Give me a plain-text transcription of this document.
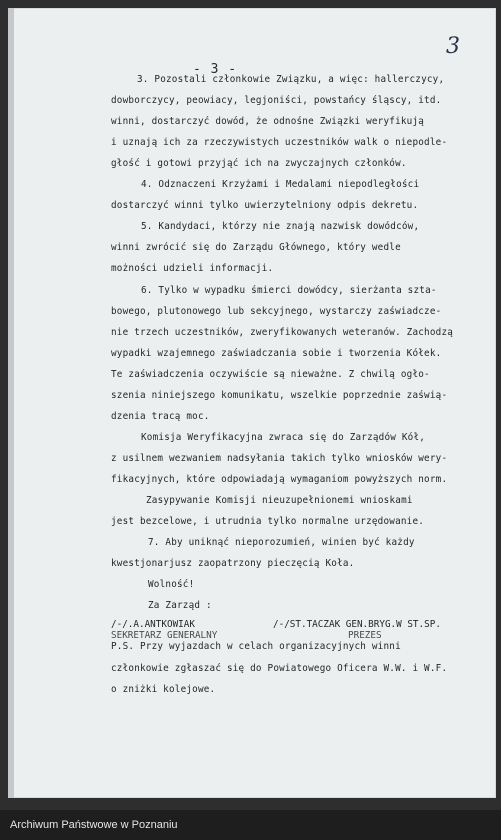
- 3 -
3
3. Pozostali członkowie Związku, a więc: hallerczycy,
dowborczycy, peowiacy, legjoniści, powstańcy śląscy, itd.
winni, dostarczyć dowód, że odnośne Związki weryfikują
i uznają ich za rzeczywistych uczestników walk o niepodle-
głość i gotowi przyjąć ich na zwyczajnych członków.
4. Odznaczeni Krzyżami i Medalami niepodległości
dostarczyć winni tylko uwierzytelniony odpis dekretu.
5. Kandydaci, którzy nie znają nazwisk dowódców,
winni zwrócić się do Zarządu Głównego, który wedle
możności udzieli informacji.
6. Tylko w wypadku śmierci dowódcy, sierżanta szta-
bowego, plutonowego lub sekcyjnego, wystarczy zaświadcze-
nie trzech uczestników, zweryfikowanych weteranów. Zachodzą
wypadki wzajemnego zaświadczania sobie i tworzenia Kółek.
Te zaświadczenia oczywiście są nieważne. Z chwilą ogło-
szenia niniejszego komunikatu, wszelkie poprzednie zaświą-
dzenia tracą moc.
Komisja Weryfikacyjna zwraca się do Zarządów Kół,
z usilnem wezwaniem nadsyłania takich tylko wniosków wery-
fikacyjnych, które odpowiadają wymaganiom powyższych norm.
Zasypywanie Komisji nieuzupełnionemi wnioskami
jest bezcelowe, i utrudnia tylko normalne urzędowanie.
7. Aby uniknąć nieporozumień, winien być każdy
kwestjonarjusz zaopatrzony pieczęcią Koła.
Wolność!
Za Zarząd :
/-/.A.ANTKOWIAK
SEKRETARZ GENERALNY
/-/ST.TACZAK GEN.BRYG.W ST.SP.
PREZES
P.S. Przy wyjazdach w celach organizacyjnych winni
członkowie zgłaszać się do Powiatowego Oficera W.W. i W.F.
o zniżki kolejowe.
Archiwum Państwowe w Poznaniu
